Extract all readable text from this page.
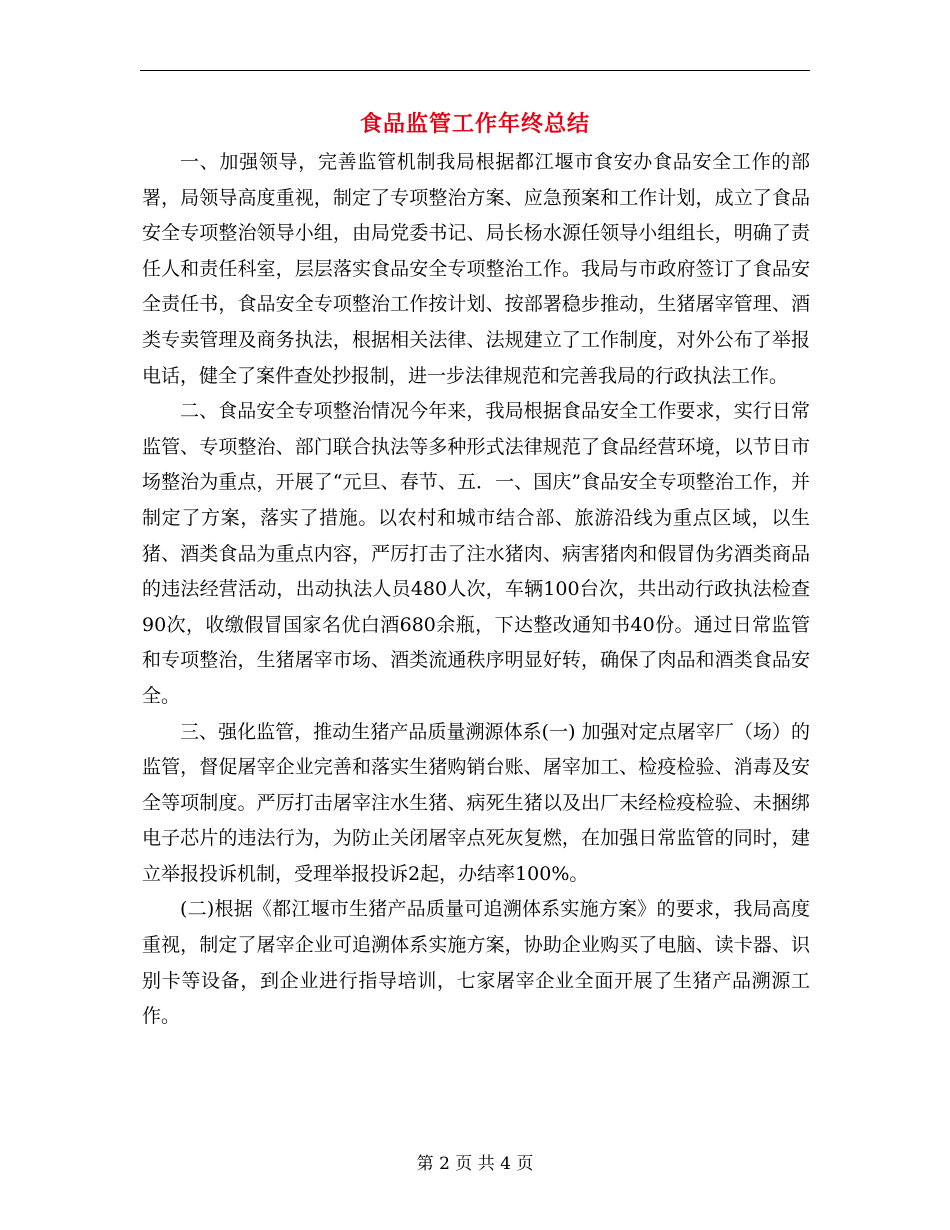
食品监管工作年终总结

一、加强领导，完善监管机制我局根据都江堰市食安办食品安全工作的部署，局领导高度重视，制定了专项整治方案、应急预案和工作计划，成立了食品安全专项整治领导小组，由局党委书记、局长杨水源任领导小组组长，明确了责任人和责任科室，层层落实食品安全专项整治工作。我局与市政府签订了食品安全责任书，食品安全专项整治工作按计划、按部署稳步推动，生猪屠宰管理、酒类专卖管理及商务执法，根据相关法律、法规建立了工作制度，对外公布了举报电话，健全了案件查处抄报制，进一步法律规范和完善我局的行政执法工作。

二、食品安全专项整治情况今年来，我局根据食品安全工作要求，实行日常监管、专项整治、部门联合执法等多种形式法律规范了食品经营环境，以节日市场整治为重点，开展了“元旦、春节、五．一、国庆”食品安全专项整治工作，并制定了方案，落实了措施。以农村和城市结合部、旅游沿线为重点区域，以生猪、酒类食品为重点内容，严厉打击了注水猪肉、病害猪肉和假冒伪劣酒类商品的违法经营活动，出动执法人员480人次，车辆100台次，共出动行政执法检查90次，收缴假冒国家名优白酒680余瓶，下达整改通知书40份。通过日常监管和专项整治，生猪屠宰市场、酒类流通秩序明显好转，确保了肉品和酒类食品安全。

三、强化监管，推动生猪产品质量溯源体系(一) 加强对定点屠宰厂（场）的监管，督促屠宰企业完善和落实生猪购销台账、屠宰加工、检疫检验、消毒及安全等项制度。严厉打击屠宰注水生猪、病死生猪以及出厂未经检疫检验、未捆绑电子芯片的违法行为，为防止关闭屠宰点死灰复燃，在加强日常监管的同时，建立举报投诉机制，受理举报投诉2起，办结率100%。

(二)根据《都江堰市生猪产品质量可追溯体系实施方案》的要求，我局高度重视，制定了屠宰企业可追溯体系实施方案，协助企业购买了电脑、读卡器、识别卡等设备，到企业进行指导培训，七家屠宰企业全面开展了生猪产品溯源工作。

第 2 页 共 4 页
